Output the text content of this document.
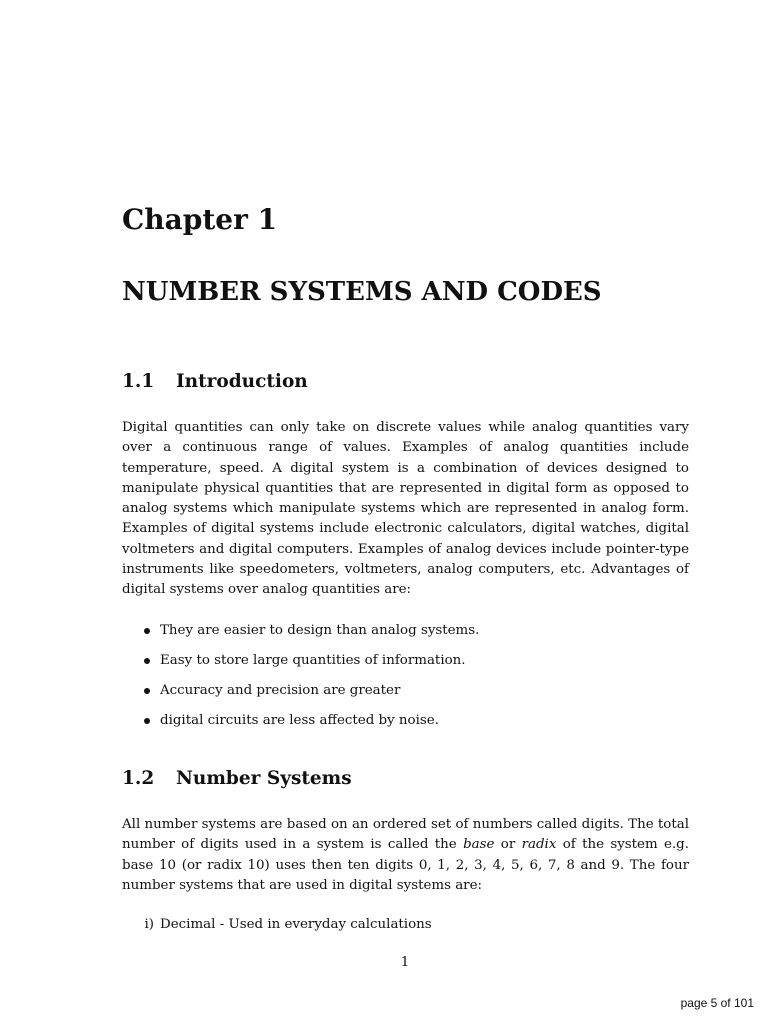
Chapter 1
NUMBER SYSTEMS AND CODES
1.1 Introduction

Digital quantities can only take on discrete values while analog quantities vary over a continuous range of values. Examples of analog quantities include temperature, speed. A digital system is a combination of devices designed to manipulate physical quantities that are represented in digital form as opposed to analog systems which manipulate systems which are represented in analog form. Examples of digital systems include electronic calculators, digital watches, digital voltmeters and digital computers. Examples of analog devices include pointer-type instruments like speedometers, voltmeters, analog computers, etc. Advantages of digital systems over analog quantities are:

They are easier to design than analog systems.
Easy to store large quantities of information.
Accuracy and precision are greater
digital circuits are less affected by noise.
1.2 Number Systems

All number systems are based on an ordered set of numbers called digits. The total number of digits used in a system is called the base or radix of the system e.g. base 10 (or radix 10) uses then ten digits 0, 1, 2, 3, 4, 5, 6, 7, 8 and 9. The four number systems that are used in digital systems are:

i) Decimal - Used in everyday calculations
1
page 5 of 101
